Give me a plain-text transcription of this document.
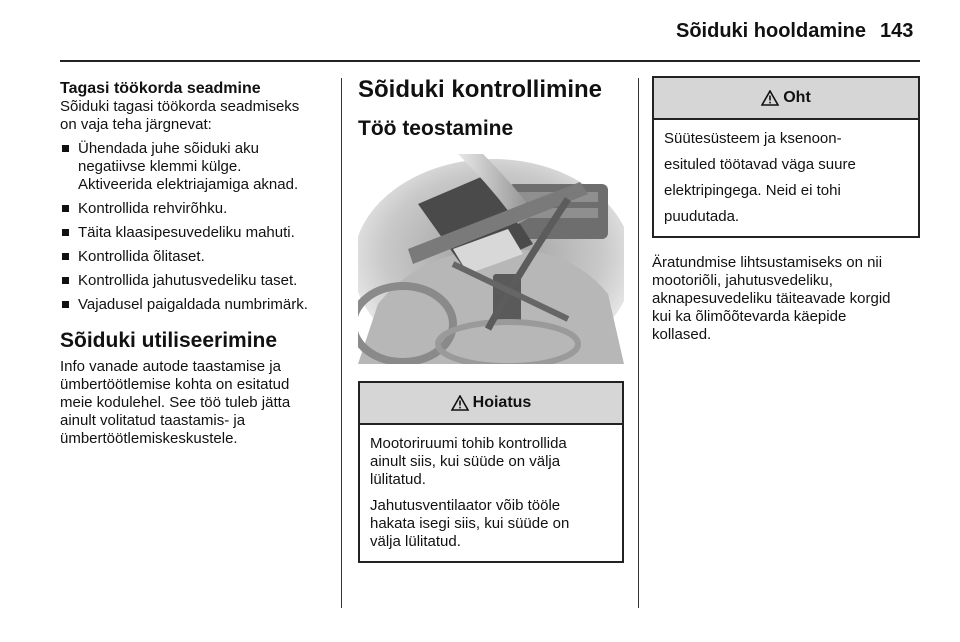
Sõiduki hooldamine 143
Tagasi töökorda seadmine

Sõiduki tagasi töökorda seadmiseks

on vaja teha järgnevat:

Ühendada juhe sõiduki aku
negatiivse klemmi külge.
Aktiveerida elektriajamiga aknad.
Kontrollida rehvirõhku.
Täita klaasipesuvedeliku mahuti.
Kontrollida õlitaset.
Kontrollida jahutusvedeliku taset.
Vajadusel paigaldada numbrimärk.
Sõiduki utiliseerimine

Info vanade autode taastamise ja

ümbertöötlemise kohta on esitatud

meie kodulehel. See töö tuleb jätta

ainult volitatud taastamis- ja

ümbertöötlemiskeskustele.

Sõiduki kontrollimine
Töö teostamine
Hoiatus
Mootoriruumi tohib kontrollida
ainult siis, kui süüde on välja
lülitatud.
Jahutusventilaator võib tööle
hakata isegi siis, kui süüde on
välja lülitatud.
Oht
Süütesüsteem ja ksenoon-
esituled töötavad väga suure
elektripingega. Neid ei tohi
puudutada.
Äratundmise lihtsustamiseks on nii
mootoriõli, jahutusvedeliku,
aknapesuvedeliku täiteavade korgid
kui ka õlimõõtevarda käepide
kollased.
